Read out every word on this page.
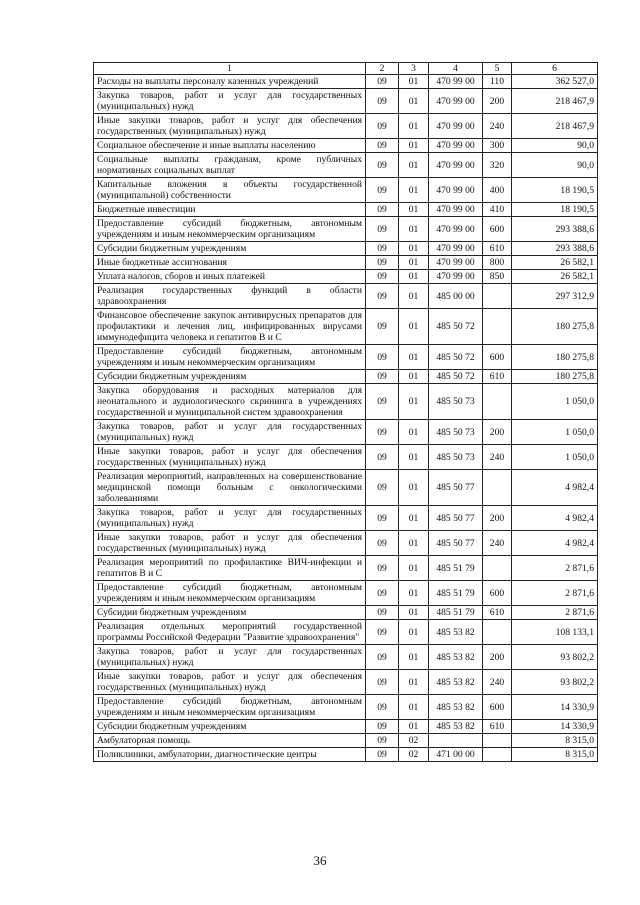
1	2	3	4	5	6
Расходы на выплаты персоналу казенных учреждений	09	01	470 99 00	110	362 527,0
Закупка товаров, работ и услуг для государственных (муниципальных) нужд	09	01	470 99 00	200	218 467,9
Иные закупки товаров, работ и услуг для обеспечения государственных (муниципальных) нужд	09	01	470 99 00	240	218 467,9
Социальное обеспечение и иные выплаты населению	09	01	470 99 00	300	90,0
Социальные выплаты гражданам, кроме публичных нормативных социальных выплат	09	01	470 99 00	320	90,0
Капитальные вложения в объекты государственной (муниципальной) собственности	09	01	470 99 00	400	18 190,5
Бюджетные инвестиции	09	01	470 99 00	410	18 190,5
Предоставление субсидий бюджетным, автономным учреждениям и иным некоммерческим организациям	09	01	470 99 00	600	293 388,6
Субсидии бюджетным учреждениям	09	01	470 99 00	610	293 388,6
Иные бюджетные ассигнования	09	01	470 99 00	800	26 582,1
Уплата налогов, сборов и иных платежей	09	01	470 99 00	850	26 582,1
Реализация государственных функций в области здравоохранения	09	01	485 00 00		297 312,9
Финансовое обеспечение закупок антивирусных препаратов для профилактики и лечения лиц, инфицированных вирусами иммунодефицита человека и гепатитов В и С	09	01	485 50 72		180 275,8
Предоставление субсидий бюджетным, автономным учреждениям и иным некоммерческим организациям	09	01	485 50 72	600	180 275,8
Субсидии бюджетным учреждениям	09	01	485 50 72	610	180 275,8
Закупка оборудования и расходных материалов для неонатального и аудиологического скрининга в учреждениях государственной и муниципальной систем здравоохранения	09	01	485 50 73		1 050,0
Закупка товаров, работ и услуг для государственных (муниципальных) нужд	09	01	485 50 73	200	1 050,0
Иные закупки товаров, работ и услуг для обеспечения государственных (муниципальных) нужд	09	01	485 50 73	240	1 050,0
Реализация мероприятий, направленных на совершенствование медицинской помощи больным с онкологическими заболеваниями	09	01	485 50 77		4 982,4
Закупка товаров, работ и услуг для государственных (муниципальных) нужд	09	01	485 50 77	200	4 982,4
Иные закупки товаров, работ и услуг для обеспечения государственных (муниципальных) нужд	09	01	485 50 77	240	4 982,4
Реализация мероприятий по профилактике ВИЧ-инфекции и гепатитов В и С	09	01	485 51 79		2 871,6
Предоставление субсидий бюджетным, автономным учреждениям и иным некоммерческим организациям	09	01	485 51 79	600	2 871,6
Субсидии бюджетным учреждениям	09	01	485 51 79	610	2 871,6
Реализация отдельных мероприятий государственной программы Российской Федерации "Развитие здравоохранения"	09	01	485 53 82		108 133,1
Закупка товаров, работ и услуг для государственных (муниципальных) нужд	09	01	485 53 82	200	93 802,2
Иные закупки товаров, работ и услуг для обеспечения государственных (муниципальных) нужд	09	01	485 53 82	240	93 802,2
Предоставление субсидий бюджетным, автономным учреждениям и иным некоммерческим организациям	09	01	485 53 82	600	14 330,9
Субсидии бюджетным учреждениям	09	01	485 53 82	610	14 330,9
Амбулаторная помощь	09	02			8 315,0
Поликлиники, амбулатории, диагностические центры	09	02	471 00 00		8 315,0
36
